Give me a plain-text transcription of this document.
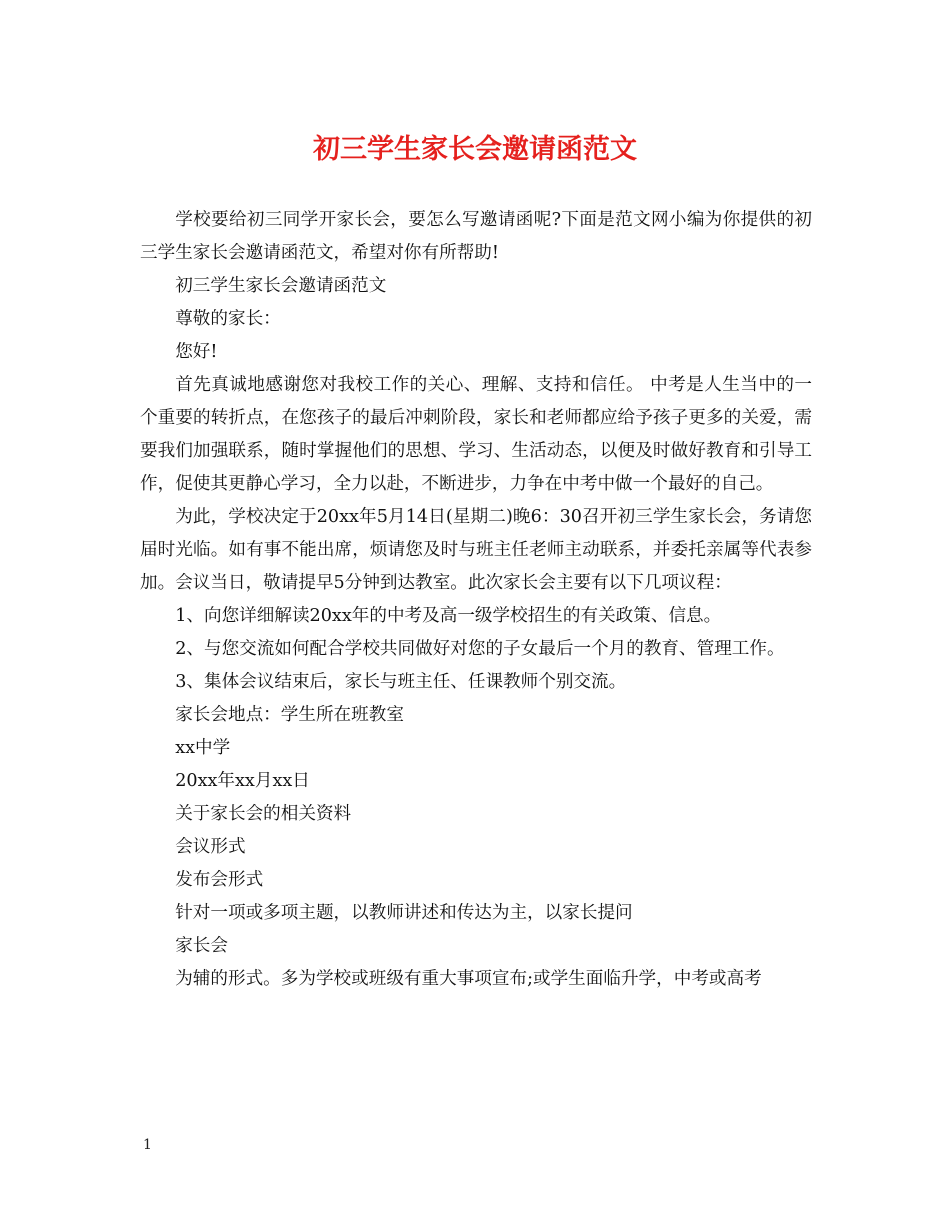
初三学生家长会邀请函范文

学校要给初三同学开家长会，要怎么写邀请函呢?下面是范文网小编为你提供的初三学生家长会邀请函范文，希望对你有所帮助!

初三学生家长会邀请函范文

尊敬的家长：

您好!

首先真诚地感谢您对我校工作的关心、理解、支持和信任。 中考是人生当中的一个重要的转折点，在您孩子的最后冲刺阶段，家长和老师都应给予孩子更多的关爱，需要我们加强联系，随时掌握他们的思想、学习、生活动态，以便及时做好教育和引导工作，促使其更静心学习，全力以赴，不断进步，力争在中考中做一个最好的自己。

为此，学校决定于20xx年5月14日(星期二)晚6：30召开初三学生家长会，务请您届时光临。如有事不能出席，烦请您及时与班主任老师主动联系，并委托亲属等代表参加。会议当日，敬请提早5分钟到达教室。此次家长会主要有以下几项议程：

1、向您详细解读20xx年的中考及高一级学校招生的有关政策、信息。

2、与您交流如何配合学校共同做好对您的子女最后一个月的教育、管理工作。

3、集体会议结束后，家长与班主任、任课教师个别交流。

家长会地点：学生所在班教室

xx中学

20xx年xx月xx日

关于家长会的相关资料

会议形式

发布会形式

针对一项或多项主题，以教师讲述和传达为主，以家长提问

家长会

为辅的形式。多为学校或班级有重大事项宣布;或学生面临升学，中考或高考

1
